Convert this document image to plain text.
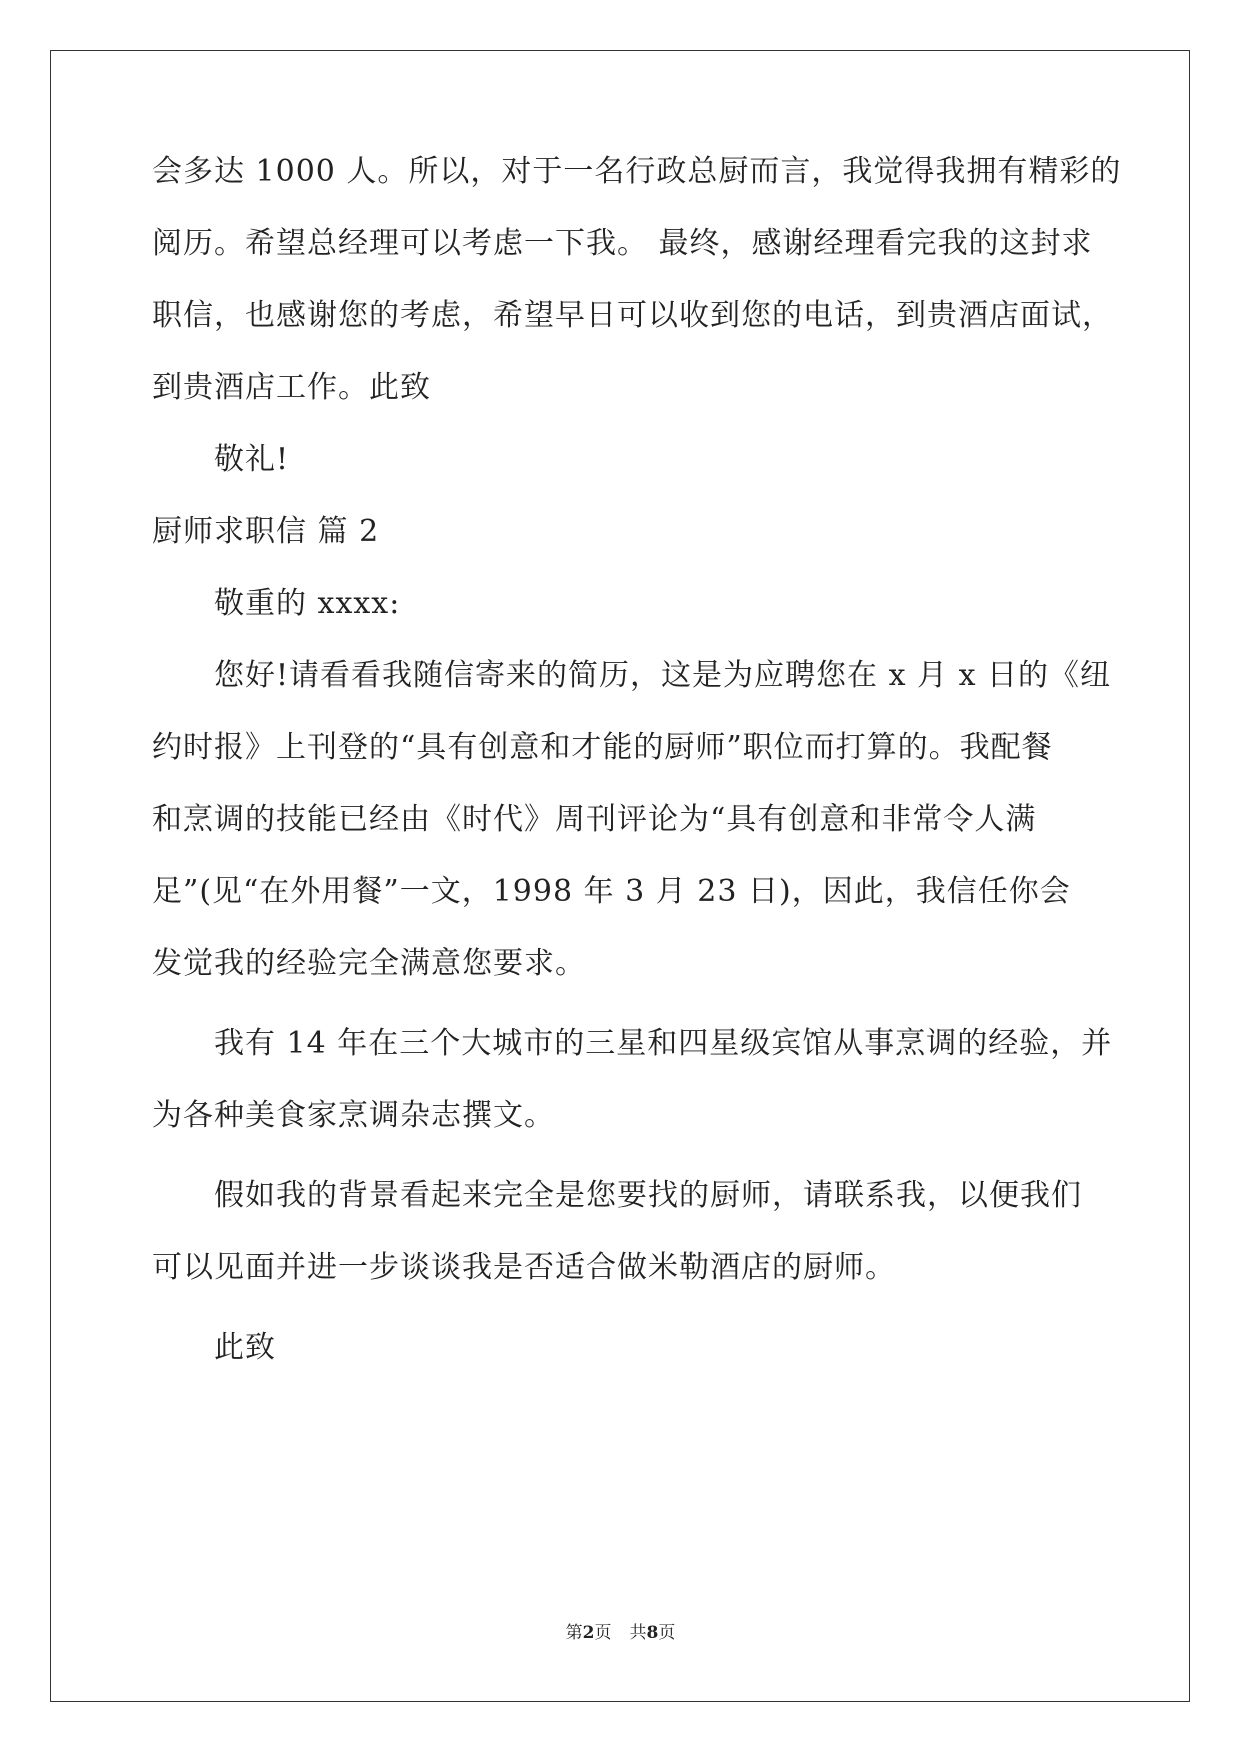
会多达 1000 人。所以，对于一名行政总厨而言，我觉得我拥有精彩的
阅历。希望总经理可以考虑一下我。 最终，感谢经理看完我的这封求
职信，也感谢您的考虑，希望早日可以收到您的电话，到贵酒店面试，
到贵酒店工作。此致
敬礼!
厨师求职信 篇 2
敬重的 xxxx:
您好!请看看我随信寄来的简历，这是为应聘您在 x 月 x 日的《纽
约时报》上刊登的“具有创意和才能的厨师”职位而打算的。我配餐
和烹调的技能已经由《时代》周刊评论为“具有创意和非常令人满
足”(见“在外用餐”一文，1998 年 3 月 23 日)，因此，我信任你会
发觉我的经验完全满意您要求。
我有 14 年在三个大城市的三星和四星级宾馆从事烹调的经验，并
为各种美食家烹调杂志撰文。
假如我的背景看起来完全是您要找的厨师，请联系我，以便我们
可以见面并进一步谈谈我是否适合做米勒酒店的厨师。
此致
第2页 共8页
